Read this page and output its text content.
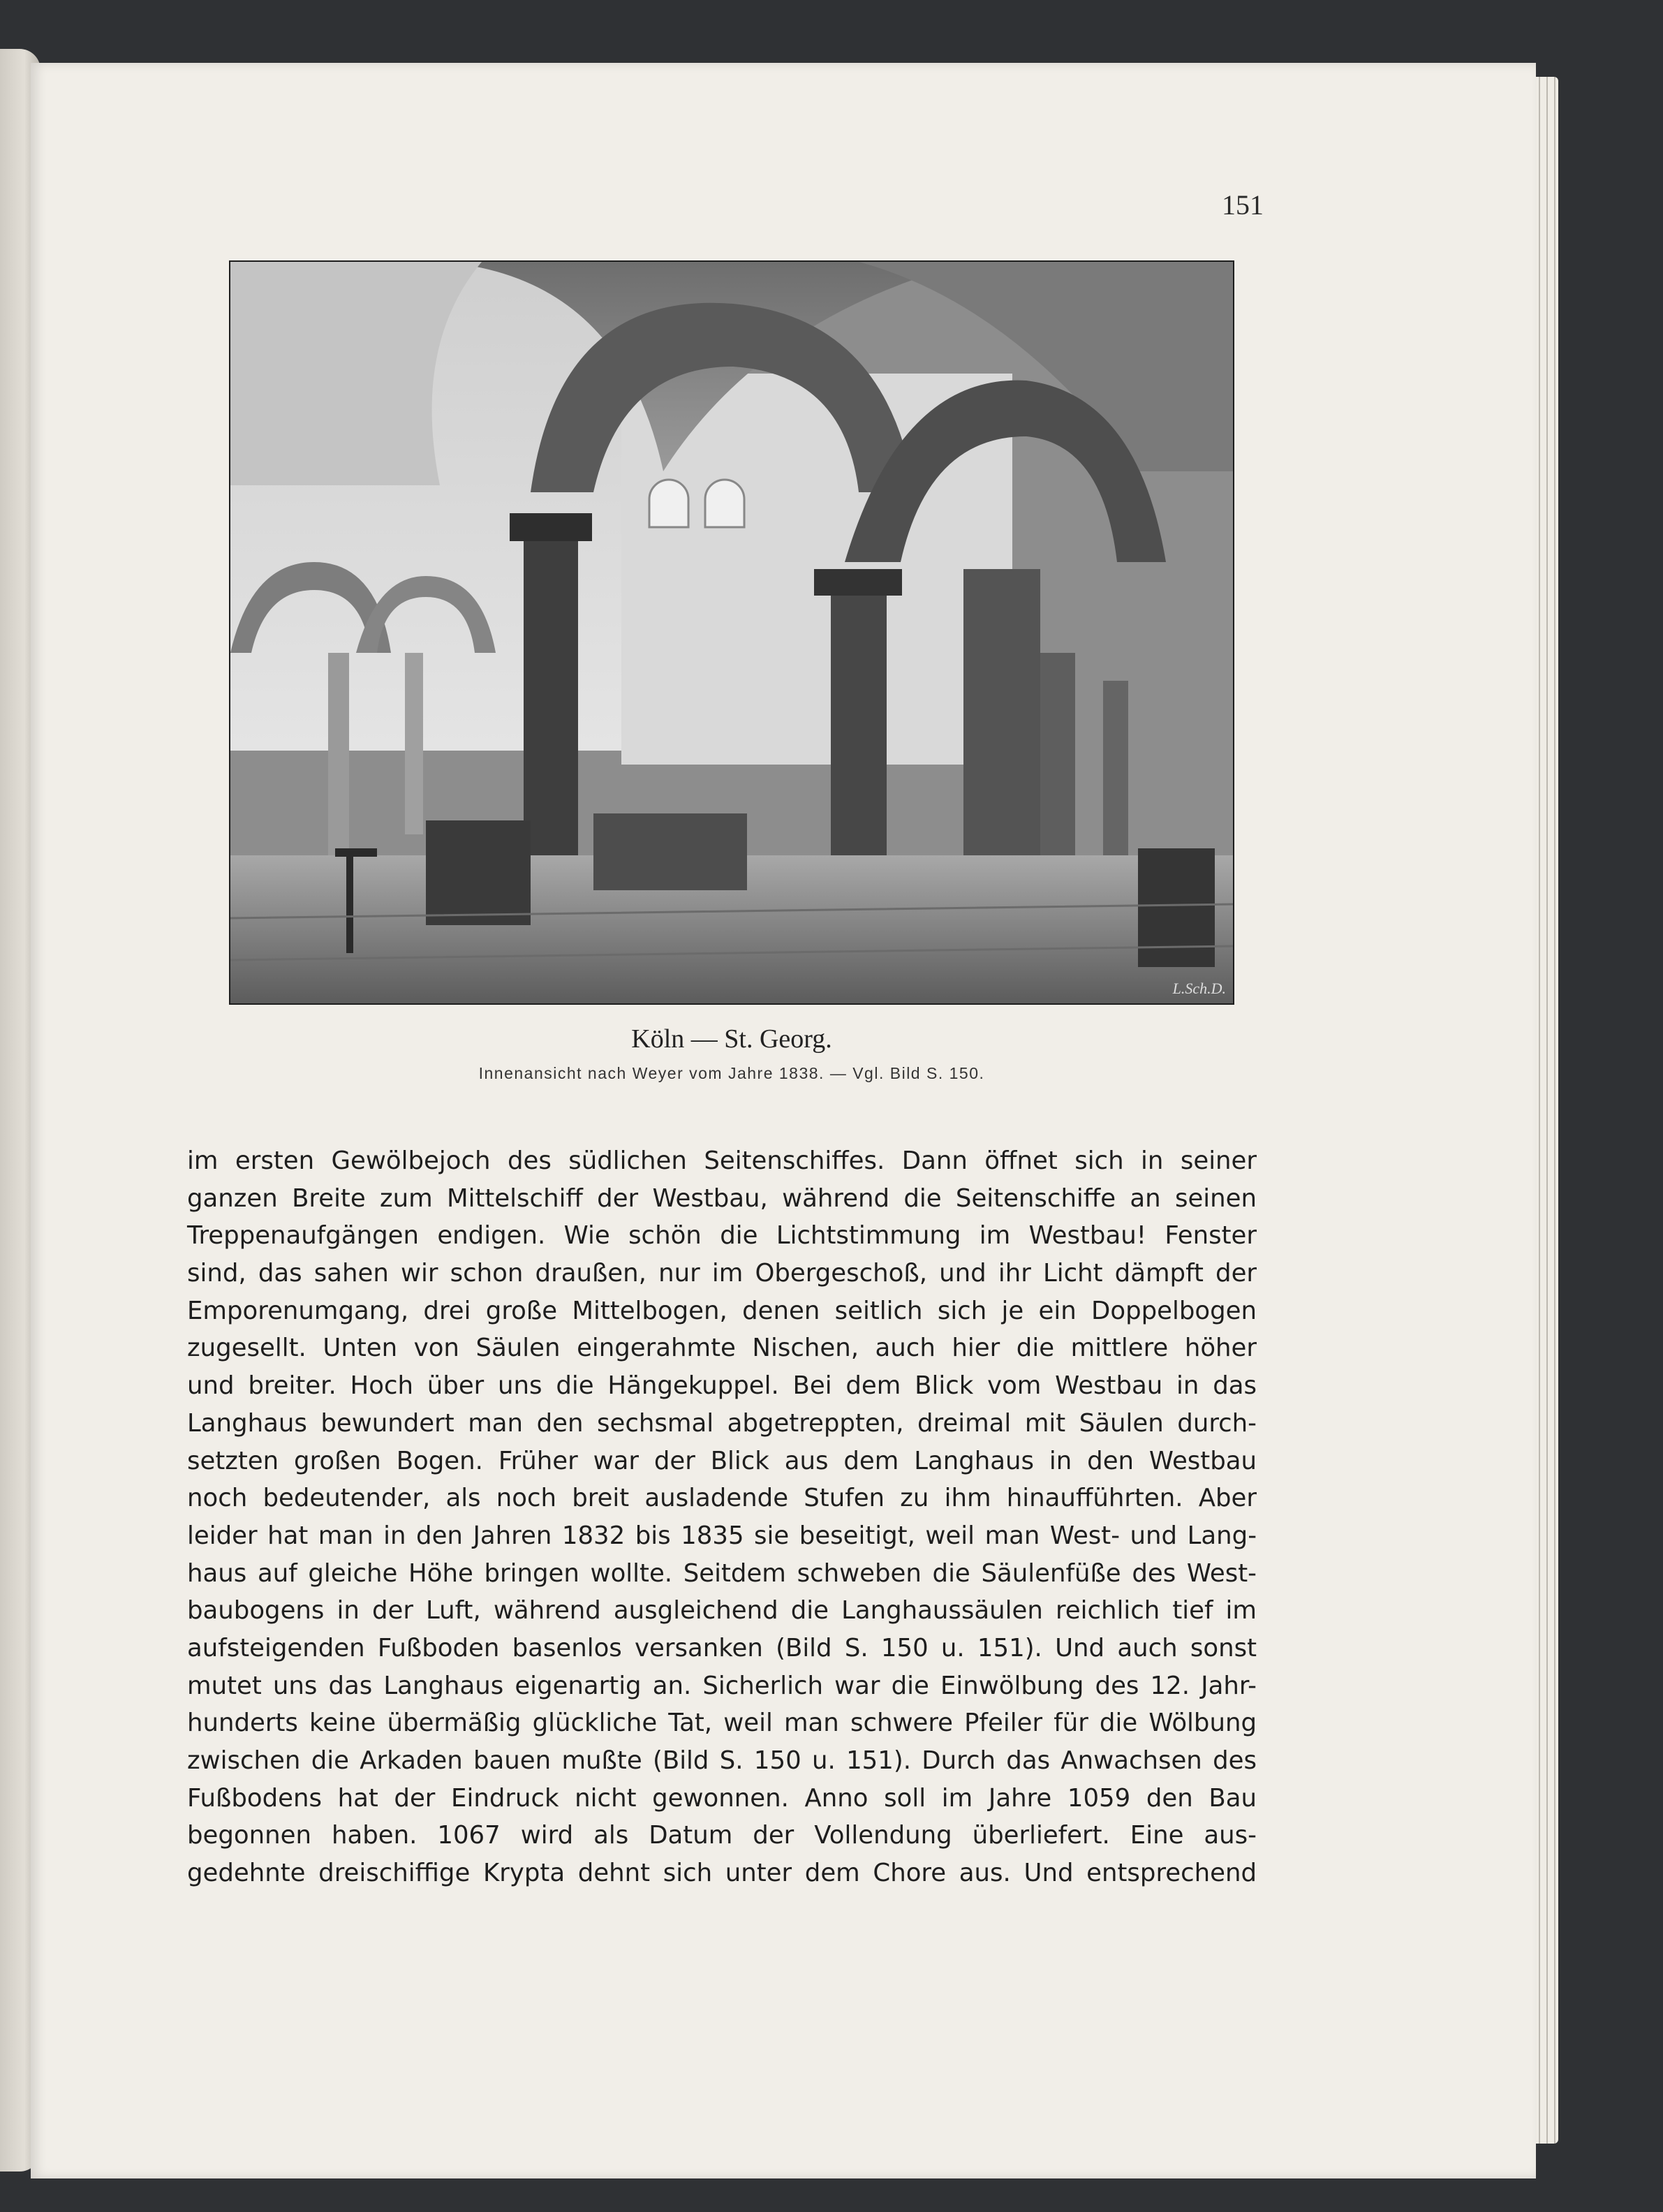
151
L.Sch.D.
Köln — St. Georg.
Innenansicht nach Weyer vom Jahre 1838. — Vgl. Bild S. 150.
im ersten Gewölbejoch des südlichen Seitenschiffes. Dann öffnet sich in seiner
ganzen Breite zum Mittelschiff der Westbau, während die Seitenschiffe an seinen
Treppenaufgängen endigen. Wie schön die Lichtstimmung im Westbau! Fenster
sind, das sahen wir schon draußen, nur im Obergeschoß, und ihr Licht dämpft der
Emporenumgang, drei große Mittelbogen, denen seitlich sich je ein Doppelbogen
zugesellt. Unten von Säulen eingerahmte Nischen, auch hier die mittlere höher
und breiter. Hoch über uns die Hängekuppel. Bei dem Blick vom Westbau in das
Langhaus bewundert man den sechsmal abgetreppten, dreimal mit Säulen durch-
setzten großen Bogen. Früher war der Blick aus dem Langhaus in den Westbau
noch bedeutender, als noch breit ausladende Stufen zu ihm hinaufführten. Aber
leider hat man in den Jahren 1832 bis 1835 sie beseitigt, weil man West- und Lang-
haus auf gleiche Höhe bringen wollte. Seitdem schweben die Säulenfüße des West-
baubogens in der Luft, während ausgleichend die Langhaussäulen reichlich tief im
aufsteigenden Fußboden basenlos versanken (Bild S. 150 u. 151). Und auch sonst
mutet uns das Langhaus eigenartig an. Sicherlich war die Einwölbung des 12. Jahr-
hunderts keine übermäßig glückliche Tat, weil man schwere Pfeiler für die Wölbung
zwischen die Arkaden bauen mußte (Bild S. 150 u. 151). Durch das Anwachsen des
Fußbodens hat der Eindruck nicht gewonnen. Anno soll im Jahre 1059 den Bau
begonnen haben. 1067 wird als Datum der Vollendung überliefert. Eine aus-
gedehnte dreischiffige Krypta dehnt sich unter dem Chore aus. Und entsprechend
